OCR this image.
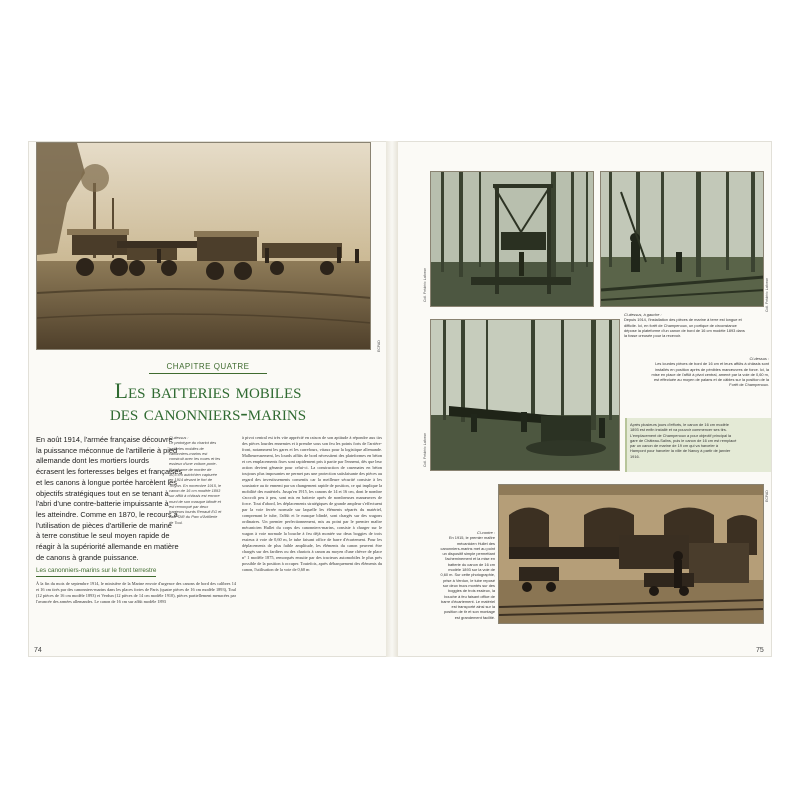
ECPAD
CHAPITRE QUATRE
Les batteries mobiles
des canonniers-marins
En août 1914, l'armée française découvre
la puissance méconnue de l'artillerie à pied
allemande dont les mortiers lourds
écrasent les forteresses belges et françaises
et les canons à longue portée harcèlent les
objectifs stratégiques tout en se tenant à
l'abri d'une contre-batterie impuissante à
les atteindre. Comme en 1870, le recours à
l'utilisation de pièces d'artillerie de marine
à terre constitue le seul moyen rapide de
réagir à la supériorité allemande en matière
de canons à grande puissance.
Ci-dessus :
Le prototype du chariot des
batteries mobiles de
canonniers-marins est
construit avec les roues et les
essieux d'une voiture-porte-
plateforme de mortier de
30,5 cm autrichien capturée
en 1914 devant le fort de
Troyon. En novembre 1915, le
canon de 16 cm modèle 1893
sur affût à châssis est encore
muni de son masque blindé et
est remorqué par deux
tracteurs lourds Renault EG et
Latil TAR du Parc d'Artillerie
de Toul.
à pivot central est très vite apprécié en raison de son aptitude à répondre aux tirs des pièces lourdes ennemies et à prendre sous son feu les points forts de l'arrière-front, notamment les gares et les carrefours, vitaux pour la logistique allemande. Malheureusement, les lourds affûts de bord nécessitent des plateformes en béton et ces emplacements fixes sont rapidement pris à partie par l'ennemi, dès que leur action devient gênante pour celui-ci. La construction de casemates en béton toujours plus imposantes ne permet pas une protection satisfaisante des pièces au regard des investissements consentis car la meilleure sécurité consiste à les soustraire au tir ennemi par un changement rapide de position, ce qui implique la mobilité des matériels. Jusqu'en 1915, les canons de 14 et 16 cm, dont le nombre s'accroît peu à peu, sont mis en batterie après de nombreuses manœuvres de force. Tout d'abord, les déplacements stratégiques de grande ampleur s'effectuent par la voie ferrée normale sur laquelle les éléments séparés du matériel, comprenant le tube, l'affût et le masque blindé, sont chargés sur des wagons ordinaires. Un premier perfectionnement, mis au point par le premier maître mécanicien Hullet du corps des canonniers-marins, consiste à charger sur le wagon à voie normale la bouche à feu déjà montée sur deux boggies de trois essieux à voie de 0,60 m, le tube faisant office de barre d'écartement. Pour les déplacements de plus faible amplitude, les éléments du canon peuvent être chargés sur des fardiers ou des chariots à canon au moyen d'une chèvre de place n° 1 modèle 1875, remorqués ensuite par des tracteurs automobiles le plus près possible de la position à occuper. Toutefois, après débarquement des éléments du canon, l'utilisation de la voie de 0,60 m
Les canonniers-marins sur le front terrestre
À la fin du mois de septembre 1914, le ministère de la Marine envoie d'urgence des canons de bord des calibres 14 et 16 cm tirés par des canonniers-marins dans les places fortes de Paris (quatre pièces de 16 cm modèle 1893), Toul (12 pièces de 16 cm modèle 1893) et Verdun (12 pièces de 14 cm modèle 1910), pièces partiellement menacées par l'avancée des armées allemandes. Le canon de 16 cm sur affût modèle 1893
74
Coll. Frédéric Lafosse	Coll. Frédéric Lafosse
Ci-dessus, à gauche :
Depuis 1914, l'installation des pièces de marine à terre est longue et
difficile. Ici, en forêt de Champenoux, un portique de circonstance
dépose la plateforme d'un canon de bord de 16 cm modèle 1893 dans
la fosse creusée pour la recevoir.
Coll. Frédéric Lafosse
Ci-dessus :
Les lourdes pièces de bord de 16 cm et leurs affûts à châssis sont
installés en position après de pénibles manœuvres de force. Ici, la
mise en place de l'affût à pivot central, amené par la voie de 0,60 m,
est effectuée au moyen de palans et de câbles sur la position de la
Forêt de Champenoux.
Après plusieurs jours d'efforts, le canon de 16 cm modèle
1893 est enfin installé et va pouvoir commencer ses tirs.
L'emplacement de Champenoux a pour objectif principal la
gare de Château-Salins, puis le canon de 16 cm est remplacé
par un canon de marine de 19 cm qui va harceler à
Hampont pour harceler la ville de Nancy à partir de janvier
1916.
Ci-contre :
En 1915, le premier maître
mécanicien Hullet des
canonniers-marins met au point
un dispositif simple permettant
l'acheminement et la mise en
batterie du canon de 16 cm
modèle 1893 sur la voie de
0,60 m. Sur cette photographie,
prise à Verdun, le tube reposé
sur deux trucs montés sur des
boggies de trois essieux, la
bouche à feu faisant office de
barre d'écartement. Le matériel
est transporté ainsi sur la
position de tir et son montage
est grandement facilité.
ECPAD
75
